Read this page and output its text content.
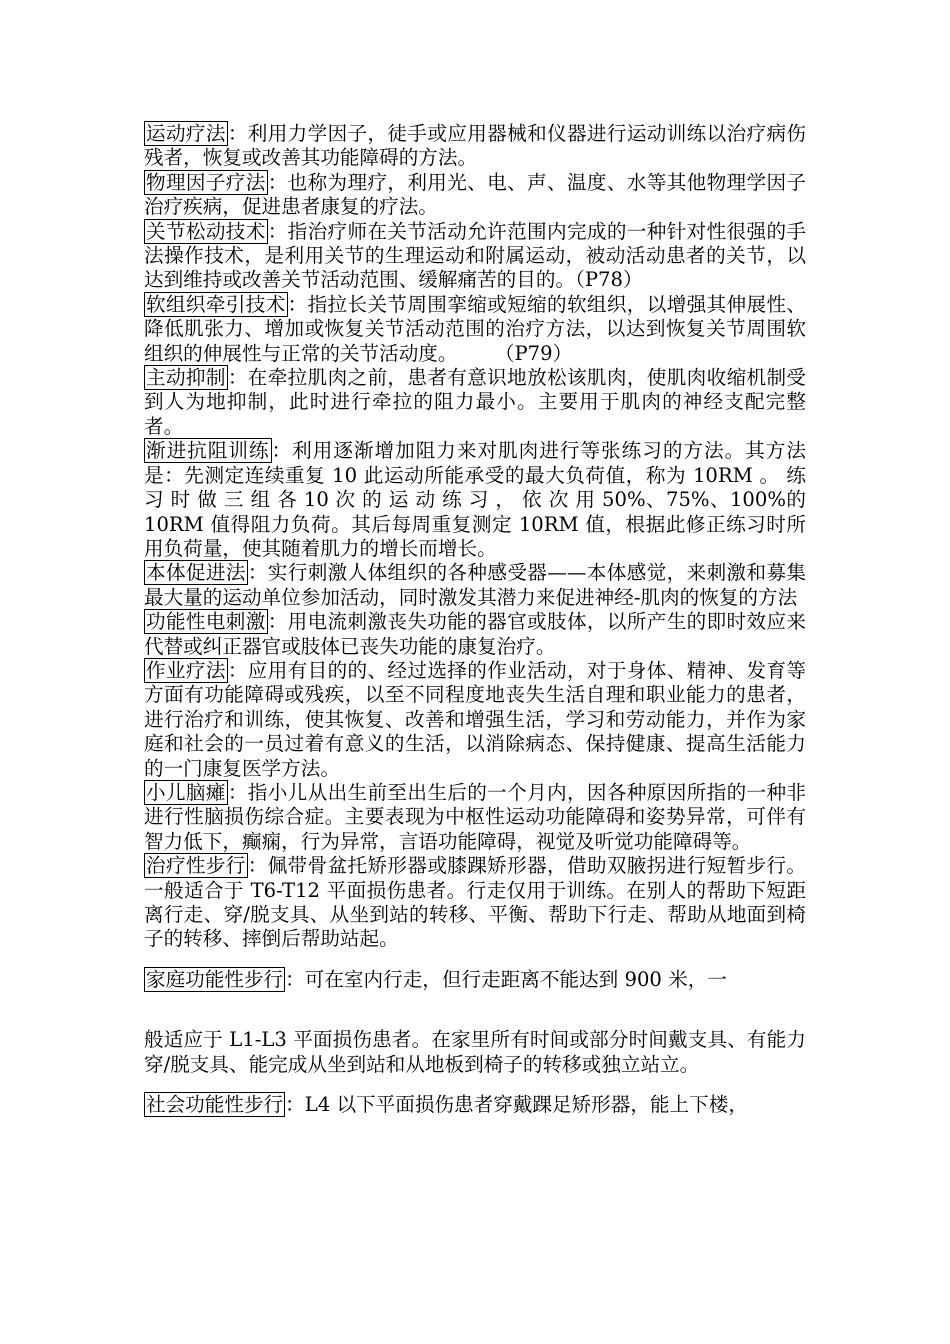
运动疗法 ：利用力学因子，徒手或应用器械和仪器进行运动训练以治疗病伤残者，恢复或改善其功能障碍的方法。

物理因子疗法 ：也称为理疗，利用光、电、声、温度、水等其他物理学因子治疗疾病，促进患者康复的疗法。

关节松动技术 ：指治疗师在关节活动允许范围内完成的一种针对性很强的手法操作技术，是利用关节的生理运动和附属运动，被动活动患者的关节，以达到维持或改善关节活动范围、缓解痛苦的目的。（P78）

软组织牵引技术 ：指拉长关节周围挛缩或短缩的软组织，以增强其伸展性、降低肌张力、增加或恢复关节活动范围的治疗方法，以达到恢复关节周围软组织的伸展性与正常的关节活动度。 （P79）

主动抑制 ：在牵拉肌肉之前，患者有意识地放松该肌肉，使肌肉收缩机制受到人为地抑制，此时进行牵拉的阻力最小。主要用于肌肉的神经支配完整者。

渐进抗阻训练 ：利用逐渐增加阻力来对肌肉进行等张练习的方法。其方法是：先测定连续重复 10 此运动所能承受的最大负荷值，称为 10RM 。 练 习 时 做 三 组 各 10 次 的 运 动 练 习 ， 依 次 用 50%、75%、100%的 10RM 值得阻力负荷。其后每周重复测定 10RM 值，根据此修正练习时所用负荷量，使其随着肌力的增长而增长。

本体促进法 ：实行刺激人体组织的各种感受器——本体感觉，来刺激和募集最大量的运动单位参加活动，同时激发其潜力来促进神经-肌肉的恢复的方法

功能性电刺激 ：用电流刺激丧失功能的器官或肢体，以所产生的即时效应来代替或纠正器官或肢体已丧失功能的康复治疗。

作业疗法 ：应用有目的的、经过选择的作业活动，对于身体、精神、发育等方面有功能障碍或残疾，以至不同程度地丧失生活自理和职业能力的患者，进行治疗和训练，使其恢复、改善和增强生活，学习和劳动能力，并作为家庭和社会的一员过着有意义的生活，以消除病态、保持健康、提高生活能力的一门康复医学方法。

小儿脑瘫 ：指小儿从出生前至出生后的一个月内，因各种原因所指的一种非进行性脑损伤综合症。主要表现为中枢性运动功能障碍和姿势异常，可伴有智力低下，癫痫，行为异常，言语功能障碍，视觉及听觉功能障碍等。

治疗性步行 ：佩带骨盆托矫形器或膝踝矫形器，借助双腋拐进行短暂步行。一般适合于 T6-T12 平面损伤患者。行走仅用于训练。在别人的帮助下短距离行走、穿/脱支具、从坐到站的转移、平衡、帮助下行走、帮助从地面到椅子的转移、摔倒后帮助站起。

家庭功能性步行 ：可在室内行走，但行走距离不能达到 900 米，一
般适应于 L1-L3 平面损伤患者。在家里所有时间或部分时间戴支具、有能力穿/脱支具、能完成从坐到站和从地板到椅子的转移或独立站立。

社会功能性步行 ：L4 以下平面损伤患者穿戴踝足矫形器，能上下楼，
